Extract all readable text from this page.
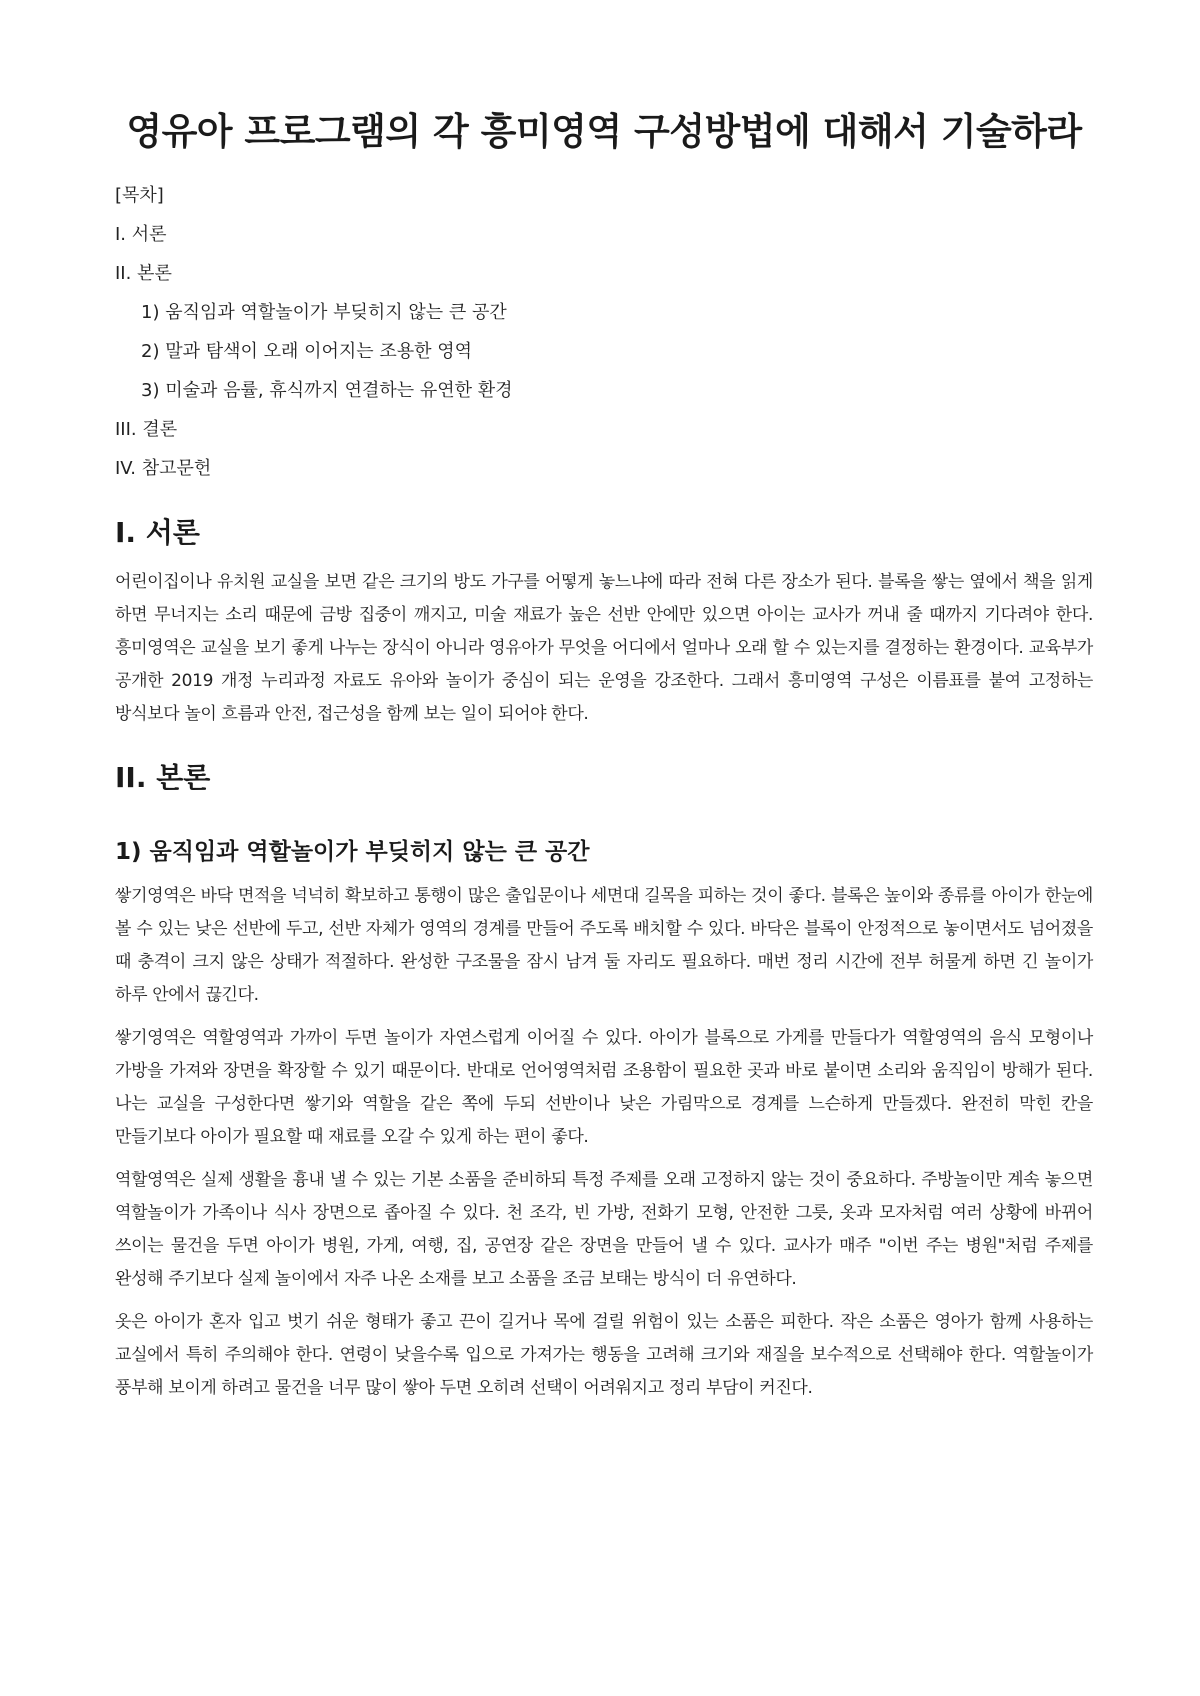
영유아 프로그램의 각 흥미영역 구성방법에 대해서 기술하라
[목차]
I. 서론
II. 본론
1) 움직임과 역할놀이가 부딪히지 않는 큰 공간
2) 말과 탐색이 오래 이어지는 조용한 영역
3) 미술과 음률, 휴식까지 연결하는 유연한 환경
III. 결론
IV. 참고문헌
I. 서론

어린이집이나 유치원 교실을 보면 같은 크기의 방도 가구를 어떻게 놓느냐에 따라 전혀 다른 장소가 된다. 블록을 쌓는 옆에서 책을 읽게 하면 무너지는 소리 때문에 금방 집중이 깨지고, 미술 재료가 높은 선반 안에만 있으면 아이는 교사가 꺼내 줄 때까지 기다려야 한다. 흥미영역은 교실을 보기 좋게 나누는 장식이 아니라 영유아가 무엇을 어디에서 얼마나 오래 할 수 있는지를 결정하는 환경이다. 교육부가 공개한 2019 개정 누리과정 자료도 유아와 놀이가 중심이 되는 운영을 강조한다. 그래서 흥미영역 구성은 이름표를 붙여 고정하는 방식보다 놀이 흐름과 안전, 접근성을 함께 보는 일이 되어야 한다.

II. 본론
1) 움직임과 역할놀이가 부딪히지 않는 큰 공간

쌓기영역은 바닥 면적을 넉넉히 확보하고 통행이 많은 출입문이나 세면대 길목을 피하는 것이 좋다. 블록은 높이와 종류를 아이가 한눈에 볼 수 있는 낮은 선반에 두고, 선반 자체가 영역의 경계를 만들어 주도록 배치할 수 있다. 바닥은 블록이 안정적으로 놓이면서도 넘어졌을 때 충격이 크지 않은 상태가 적절하다. 완성한 구조물을 잠시 남겨 둘 자리도 필요하다. 매번 정리 시간에 전부 허물게 하면 긴 놀이가 하루 안에서 끊긴다.

쌓기영역은 역할영역과 가까이 두면 놀이가 자연스럽게 이어질 수 있다. 아이가 블록으로 가게를 만들다가 역할영역의 음식 모형이나 가방을 가져와 장면을 확장할 수 있기 때문이다. 반대로 언어영역처럼 조용함이 필요한 곳과 바로 붙이면 소리와 움직임이 방해가 된다. 나는 교실을 구성한다면 쌓기와 역할을 같은 쪽에 두되 선반이나 낮은 가림막으로 경계를 느슨하게 만들겠다. 완전히 막힌 칸을 만들기보다 아이가 필요할 때 재료를 오갈 수 있게 하는 편이 좋다.

역할영역은 실제 생활을 흉내 낼 수 있는 기본 소품을 준비하되 특정 주제를 오래 고정하지 않는 것이 중요하다. 주방놀이만 계속 놓으면 역할놀이가 가족이나 식사 장면으로 좁아질 수 있다. 천 조각, 빈 가방, 전화기 모형, 안전한 그릇, 옷과 모자처럼 여러 상황에 바뀌어 쓰이는 물건을 두면 아이가 병원, 가게, 여행, 집, 공연장 같은 장면을 만들어 낼 수 있다. 교사가 매주 "이번 주는 병원"처럼 주제를 완성해 주기보다 실제 놀이에서 자주 나온 소재를 보고 소품을 조금 보태는 방식이 더 유연하다.

옷은 아이가 혼자 입고 벗기 쉬운 형태가 좋고 끈이 길거나 목에 걸릴 위험이 있는 소품은 피한다. 작은 소품은 영아가 함께 사용하는 교실에서 특히 주의해야 한다. 연령이 낮을수록 입으로 가져가는 행동을 고려해 크기와 재질을 보수적으로 선택해야 한다. 역할놀이가 풍부해 보이게 하려고 물건을 너무 많이 쌓아 두면 오히려 선택이 어려워지고 정리 부담이 커진다.
